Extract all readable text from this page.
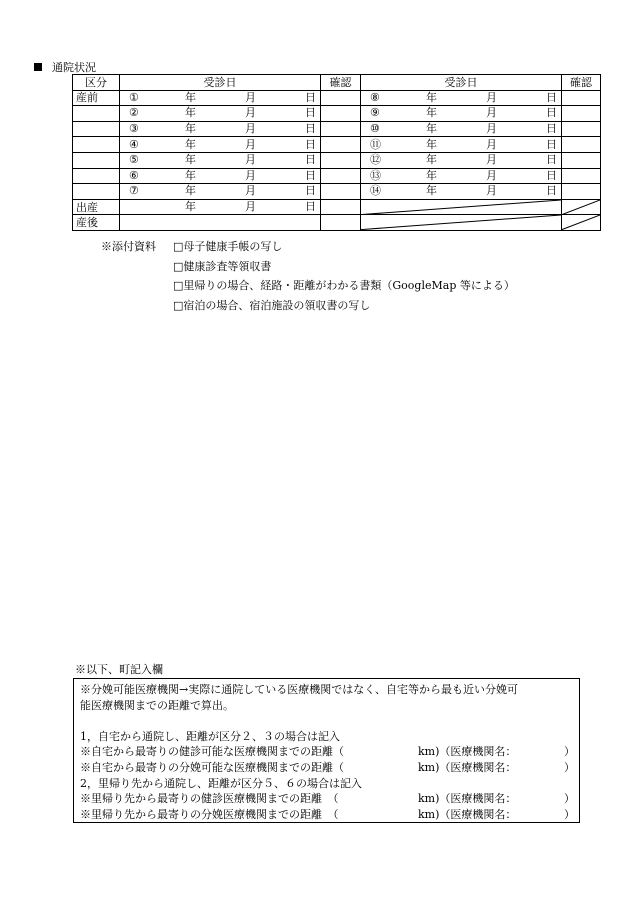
通院状況
区分	受診日	確認	受診日	確認
産前	① 年 月 日		⑧ 年 月 日	

	② 年 月 日		⑨ 年 月 日	

	③ 年 月 日		⑩ 年 月 日	

	④ 年 月 日		⑪ 年 月 日	

	⑤ 年 月 日		⑫ 年 月 日	

	⑥ 年 月 日		⑬ 年 月 日	

	⑦ 年 月 日		⑭ 年 月 日	

出産	年 月 日

産後			

※添付資料 □母子健康手帳の写し
□健康診査等領収書
□里帰りの場合、経路・距離がわかる書類（GoogleMap 等による）
□宿泊の場合、宿泊施設の領収書の写し
※以下、町記入欄
※分娩可能医療機関→実際に通院している医療機関ではなく、自宅等から最も近い分娩可
能医療機関までの距離で算出。
1，自宅から通院し、距離が区分２、３の場合は記入
※自宅から最寄りの健診可能な医療機関までの距離（	km)（医療機関名：	）
※自宅から最寄りの分娩可能な医療機関までの距離（	km)（医療機関名：	）
2，里帰り先から通院し、距離が区分５、６の場合は記入
※里帰り先から最寄りの健診医療機関までの距離　（	km)（医療機関名：	）
※里帰り先から最寄りの分娩医療機関までの距離　（	km)（医療機関名：	）
